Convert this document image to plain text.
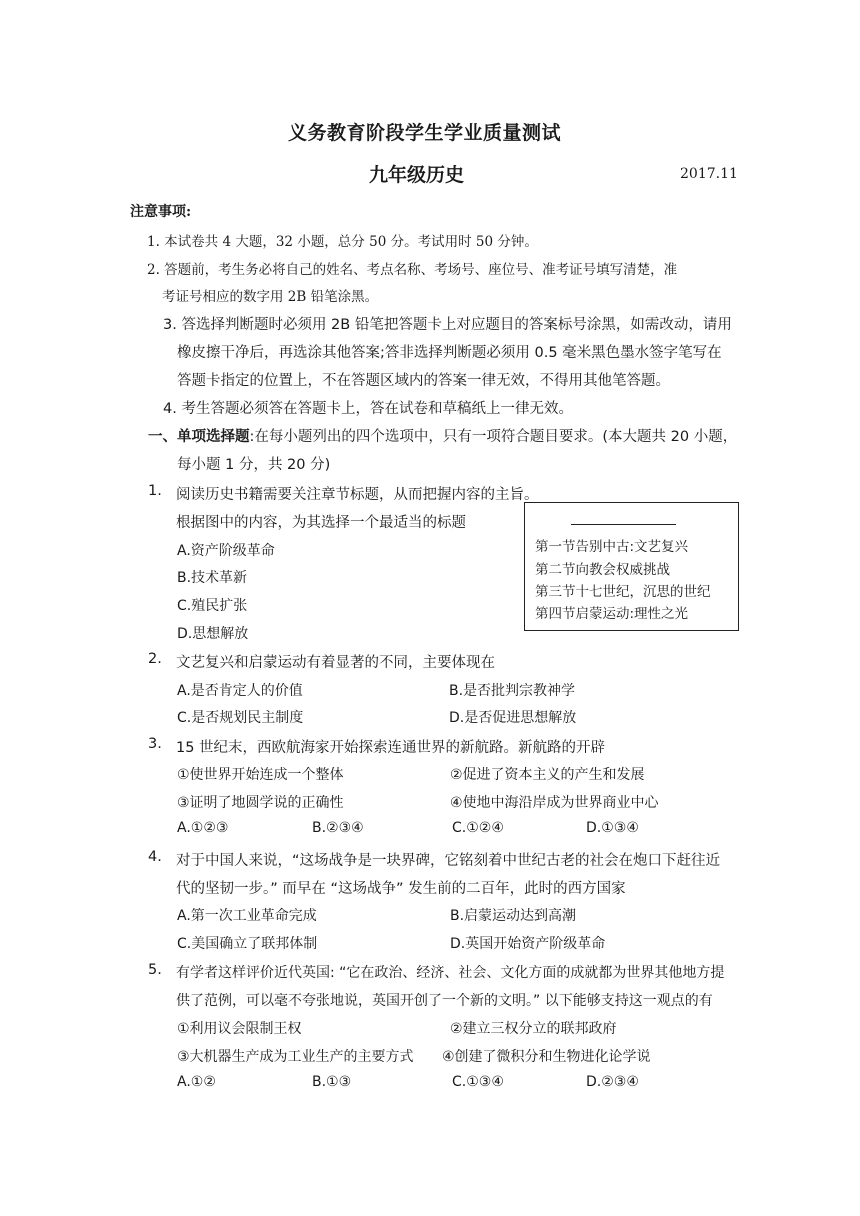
义务教育阶段学生学业质量测试
九年级历史	2017.11
注意事项:
1. 本试卷共 4 大题，32 小题，总分 50 分。考试用时 50 分钟。
2. 答题前，考生务必将自己的姓名、考点名称、考场号、座位号、准考证号填写清楚，准
考证号相应的数字用 2B 铅笔涂黑。
3. 答选择判断题时必须用 2B 铅笔把答题卡上对应题目的答案标号涂黑，如需改动，请用
橡皮擦干净后，再选涂其他答案;答非选择判断题必须用 0.5 毫米黑色墨水签字笔写在
答题卡指定的位置上，不在答题区域内的答案一律无效，不得用其他笔答题。
4. 考生答题必须答在答题卡上，答在试卷和草稿纸上一律无效。
一、单项选择题:在每小题列出的四个选项中，只有一项符合题目要求。(本大题共 20 小题，
每小题 1 分，共 20 分)
1. 阅读历史书籍需要关注章节标题，从而把握内容的主旨。
根据图中的内容，为其选择一个最适当的标题
A.资产阶级革命
B.技术革新
C.殖民扩张
D.思想解放
第一节告别中古:文艺复兴
第二节向教会权威挑战
第三节十七世纪，沉思的世纪
第四节启蒙运动:理性之光
2. 文艺复兴和启蒙运动有着显著的不同，主要体现在
A.是否肯定人的价值	B.是否批判宗教神学
C.是否规划民主制度	D.是否促进思想解放
3. 15 世纪末，西欧航海家开始探索连通世界的新航路。新航路的开辟
①使世界开始连成一个整体	②促进了资本主义的产生和发展
③证明了地圆学说的正确性	④使地中海沿岸成为世界商业中心
A.①②③	B.②③④	C.①②④	D.①③④
4. 对于中国人来说，“这场战争是一块界碑，它铭刻着中世纪古老的社会在炮口下赶往近
代的坚韧一步。” 而早在 “这场战争” 发生前的二百年，此时的西方国家
A.第一次工业革命完成	B.启蒙运动达到高潮
C.美国确立了联邦体制	D.英国开始资产阶级革命
5. 有学者这样评价近代英国: “它在政治、经济、社会、文化方面的成就都为世界其他地方提
供了范例，可以毫不夸张地说，英国开创了一个新的文明。” 以下能够支持这一观点的有
①利用议会限制王权	②建立三权分立的联邦政府
③大机器生产成为工业生产的主要方式 ④创建了微积分和生物进化论学说
A.①②	B.①③	C.①③④	D.②③④
